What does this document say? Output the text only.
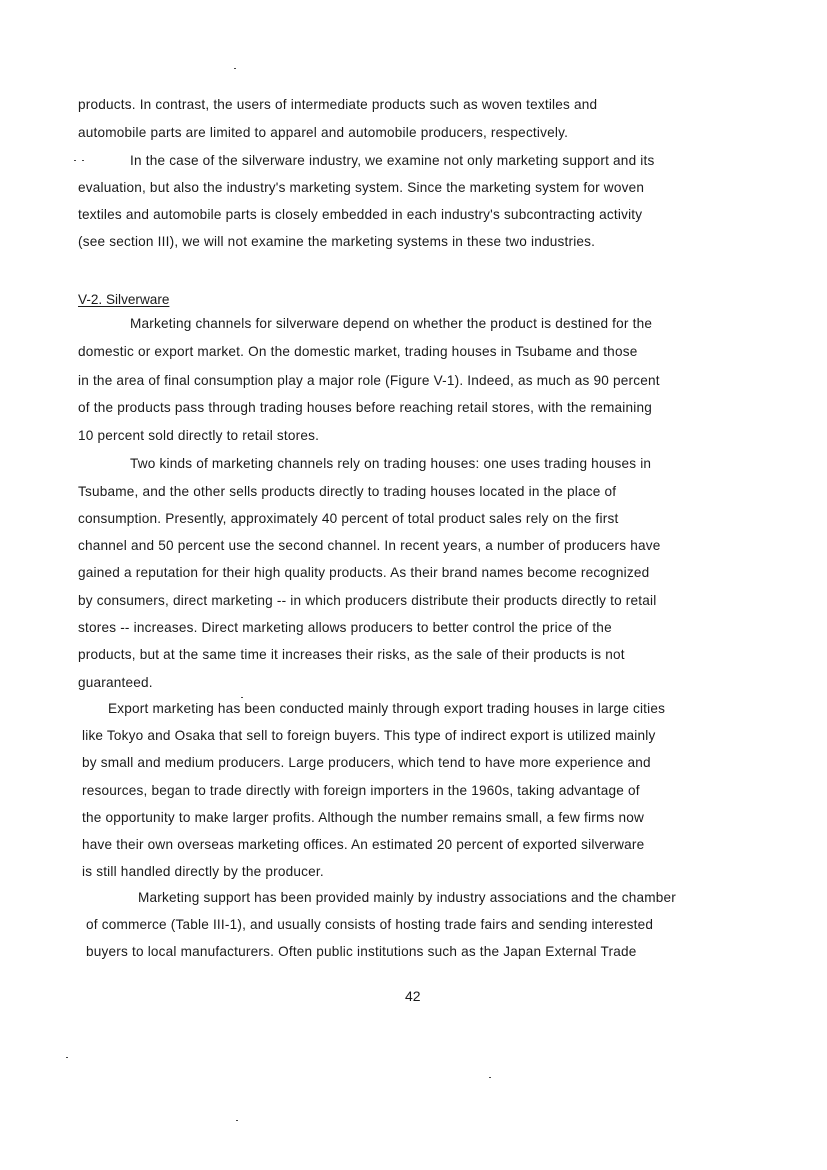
products. In contrast, the users of intermediate products such as woven textiles and
automobile parts are limited to apparel and automobile producers, respectively.
In the case of the silverware industry, we examine not only marketing support and its
evaluation, but also the industry's marketing system. Since the marketing system for woven
textiles and automobile parts is closely embedded in each industry's subcontracting activity
(see section III), we will not examine the marketing systems in these two industries.
V-2. Silverware
Marketing channels for silverware depend on whether the product is destined for the
domestic or export market. On the domestic market, trading houses in Tsubame and those
in the area of final consumption play a major role (Figure V-1). Indeed, as much as 90 percent
of the products pass through trading houses before reaching retail stores, with the remaining
10 percent sold directly to retail stores.
Two kinds of marketing channels rely on trading houses: one uses trading houses in
Tsubame, and the other sells products directly to trading houses located in the place of
consumption. Presently, approximately 40 percent of total product sales rely on the first
channel and 50 percent use the second channel. In recent years, a number of producers have
gained a reputation for their high quality products. As their brand names become recognized
by consumers, direct marketing -- in which producers distribute their products directly to retail
stores -- increases. Direct marketing allows producers to better control the price of the
products, but at the same time it increases their risks, as the sale of their products is not
guaranteed.
Export marketing has been conducted mainly through export trading houses in large cities
like Tokyo and Osaka that sell to foreign buyers. This type of indirect export is utilized mainly
by small and medium producers. Large producers, which tend to have more experience and
resources, began to trade directly with foreign importers in the 1960s, taking advantage of
the opportunity to make larger profits. Although the number remains small, a few firms now
have their own overseas marketing offices. An estimated 20 percent of exported silverware
is still handled directly by the producer.
Marketing support has been provided mainly by industry associations and the chamber
of commerce (Table III-1), and usually consists of hosting trade fairs and sending interested
buyers to local manufacturers. Often public institutions such as the Japan External Trade
42
